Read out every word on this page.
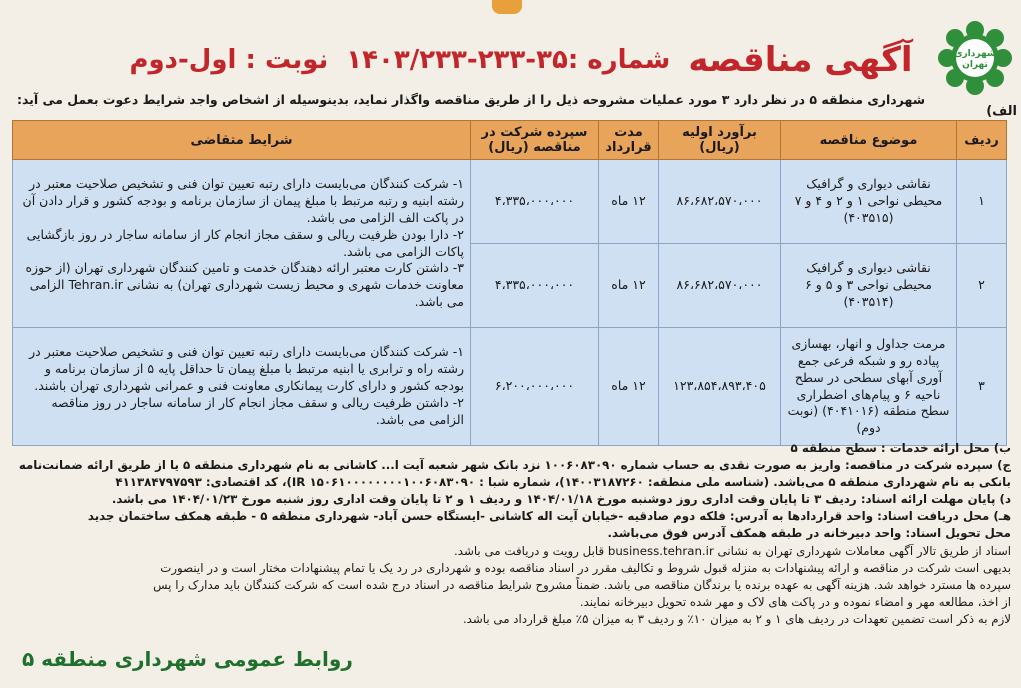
شهرداری
تهران
آگهی مناقصه
شماره :۳۵-۲۳۳-۱۴۰۳/۲۳۳
نوبت : اول-دوم
شهرداری منطقه ۵ در نظر دارد ۳ مورد عملیات مشروحه ذیل را از طریق مناقصه واگذار نماید، بدینوسیله از اشخاص واجد شرایط دعوت بعمل می آید:
الف)
ردیف	موضوع مناقصه	برآورد اولیه (ریال)	مدت قرارداد	سپرده شرکت در مناقصه (ریال)	شرایط متقاضی
۱	نقاشی دیواری و گرافیک محیطی نواحی ۱ و ۲ و ۴ و ۷ (۴۰۳۵۱۵)	۸۶،۶۸۲،۵۷۰،۰۰۰	۱۲ ماه	۴،۳۳۵،۰۰۰،۰۰۰	۱- شرکت کنندگان می‌بایست دارای رتبه تعیین توان فنی و تشخیص صلاحیت معتبر در رشته ابنیه و رتبه مرتبط با مبلغ پیمان از سازمان برنامه و بودجه کشور و قرار دادن آن در پاکت الف الزامی می باشد.
۲- دارا بودن ظرفیت ریالی و سقف مجاز انجام کار از سامانه ساجار در روز بازگشایی پاکات الزامی می باشد.
۳- داشتن کارت معتبر ارائه دهندگان خدمت و تامین کنندگان شهرداری تهران (از حوزه معاونت خدمات شهری و محیط زیست شهرداری تهران) به نشانی Tehran.ir الزامی می باشد.
۲	نقاشی دیواری و گرافیک محیطی نواحی ۳ و ۵ و ۶ (۴۰۳۵۱۴)	۸۶،۶۸۲،۵۷۰،۰۰۰	۱۲ ماه	۴،۳۳۵،۰۰۰،۰۰۰	
۳	مرمت جداول و انهار، بهسازی پیاده رو و شبکه فرعی جمع آوری آبهای سطحی در سطح ناحیه ۶ و پیام‌های اضطراری سطح منطقه (۴۰۴۱۰۱۶) (نوبت دوم)	۱۲۳،۸۵۴،۸۹۳،۴۰۵	۱۲ ماه	۶،۲۰۰،۰۰۰،۰۰۰	۱- شرکت کنندگان می‌بایست دارای رتبه تعیین توان فنی و تشخیص صلاحیت معتبر در رشته راه و ترابری یا ابنیه مرتبط با مبلغ پیمان تا حداقل پایه ۵ از سازمان برنامه و بودجه کشور و دارای کارت پیمانکاری معاونت فنی و عمرانی شهرداری تهران باشند.
۲- داشتن ظرفیت ریالی و سقف مجاز انجام کار از سامانه ساجار در روز مناقصه الزامی می باشد.

ب) محل ارائه خدمات : سطح منطقه ۵

ج) سپرده شرکت در مناقصه: واریز به صورت نقدی به حساب شماره ۱۰۰۶۰۸۳۰۹۰ نزد بانک شهر شعبه آیت ا... کاشانی به نام شهرداری منطقه ۵ یا از طریق ارائه ضمانت‌نامه

بانکی به نام شهرداری منطقه ۵ می‌باشد. (شناسه ملی منطقه: ۱۴۰۰۳۱۸۷۲۶۰)، شماره شبا : IR ۱۵۰۶۱۰۰۰۰۰۰۰۰۱۰۰۶۰۸۳۰۹۰)، کد اقتصادی: ۴۱۱۳۸۴۷۹۷۵۹۳

د) پایان مهلت ارائه اسناد: ردیف ۳ تا پایان وقت اداری روز دوشنبه مورخ ۱۴۰۴/۰۱/۱۸ و ردیف ۱ و ۲ تا پایان وقت اداری روز شنبه مورخ ۱۴۰۴/۰۱/۲۳ می باشد.

هـ) محل دریافت اسناد: واحد قراردادها به آدرس: فلکه دوم صادقیه -خیابان آیت اله کاشانی -ایستگاه حسن آباد- شهرداری منطقه ۵ - طبقه همکف ساختمان جدید

محل تحویل اسناد: واحد دبیرخانه در طبقه همکف آدرس فوق می‌باشد.

اسناد از طریق تالار آگهی معاملات شهرداری تهران به نشانی business.tehran.ir قابل رویت و دریافت می باشد.

بدیهی است شرکت در مناقصه و ارائه پیشنهادات به منزله قبول شروط و تکالیف مقرر در اسناد مناقصه بوده و شهرداری در رد یک یا تمام پیشنهادات مختار است و در اینصورت

سپرده ها مسترد خواهد شد. هزینه آگهی به عهده برنده یا برندگان مناقصه می باشد. ضمناً مشروح شرایط مناقصه در اسناد درج شده است که شرکت کنندگان باید مدارک را پس

از اخذ، مطالعه مهر و امضاء نموده و در پاکت های لاک و مهر شده تحویل دبیرخانه نمایند.

لازم به ذکر است تضمین تعهدات در ردیف های ۱ و ۲ به میزان ۱۰٪ و ردیف ۳ به میزان ۵٪ مبلغ قرارداد می باشد.

روابط عمومی شهرداری منطقه ۵
